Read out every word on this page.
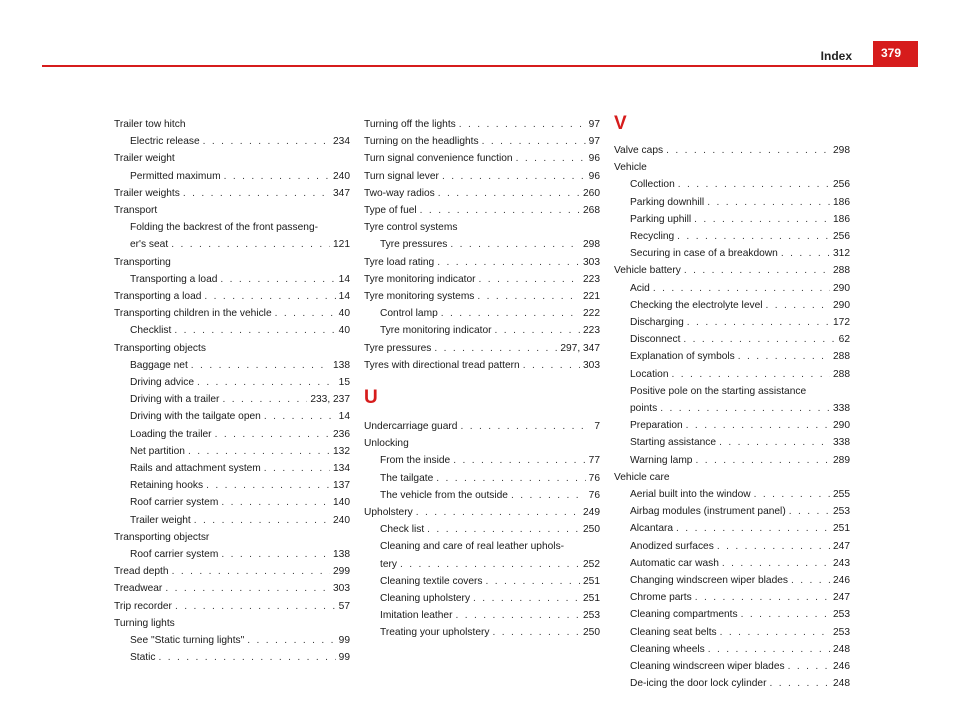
Index	379
Trailer tow hitch
Electric release . . .	234
Trailer weight
Permitted maximum . . .	240
Trailer weights . . .	347
Transport
Folding the backrest of the front passeng-
er's seat . . .	121
Transporting
Transporting a load . . .	14
Transporting a load . . .	14
Transporting children in the vehicle . . .	40
Checklist . . .	40
Transporting objects
Baggage net . . .	138
Driving advice . . .	15
Driving with a trailer . . .	233, 237
Driving with the tailgate open . . .	14
Loading the trailer . . .	236
Net partition . . .	132
Rails and attachment system . . .	134
Retaining hooks . . .	137
Roof carrier system . . .	140
Trailer weight . . .	240
Transporting objectsr
Roof carrier system . . .	138
Tread depth . . .	299
Treadwear . . .	303
Trip recorder . . .	57
Turning lights
See "Static turning lights" . . .	99
Static . . .	99
Turning off the lights . . .	97
Turning on the headlights . . .	97
Turn signal convenience function . . .	96
Turn signal lever . . .	96
Two-way radios . . .	260
Type of fuel . . .	268
Tyre control systems
Tyre pressures . . .	298
Tyre load rating . . .	303
Tyre monitoring indicator . . .	223
Tyre monitoring systems . . .	221
Control lamp . . .	222
Tyre monitoring indicator . . .	223
Tyre pressures . . .	297, 347
Tyres with directional tread pattern . . .	303
U
Undercarriage guard . . .	7
Unlocking
From the inside . . .	77
The tailgate . . .	76
The vehicle from the outside . . .	76
Upholstery . . .	249
Check list . . .	250
Cleaning and care of real leather uphols-
tery . . .	252
Cleaning textile covers . . .	251
Cleaning upholstery . . .	251
Imitation leather . . .	253
Treating your upholstery . . .	250
V
Valve caps . . .	298
Vehicle
Collection . . .	256
Parking downhill . . .	186
Parking uphill . . .	186
Recycling . . .	256
Securing in case of a breakdown . . .	312
Vehicle battery . . .	288
Acid . . .	290
Checking the electrolyte level . . .	290
Discharging . . .	172
Disconnect . . .	62
Explanation of symbols . . .	288
Location . . .	288
Positive pole on the starting assistance
points . . .	338
Preparation . . .	290
Starting assistance . . .	338
Warning lamp . . .	289
Vehicle care
Aerial built into the window . . .	255
Airbag modules (instrument panel) . . .	253
Alcantara . . .	251
Anodized surfaces . . .	247
Automatic car wash . . .	243
Changing windscreen wiper blades . . .	246
Chrome parts . . .	247
Cleaning compartments . . .	253
Cleaning seat belts . . .	253
Cleaning wheels . . .	248
Cleaning windscreen wiper blades . . .	246
De-icing the door lock cylinder . . .	248
